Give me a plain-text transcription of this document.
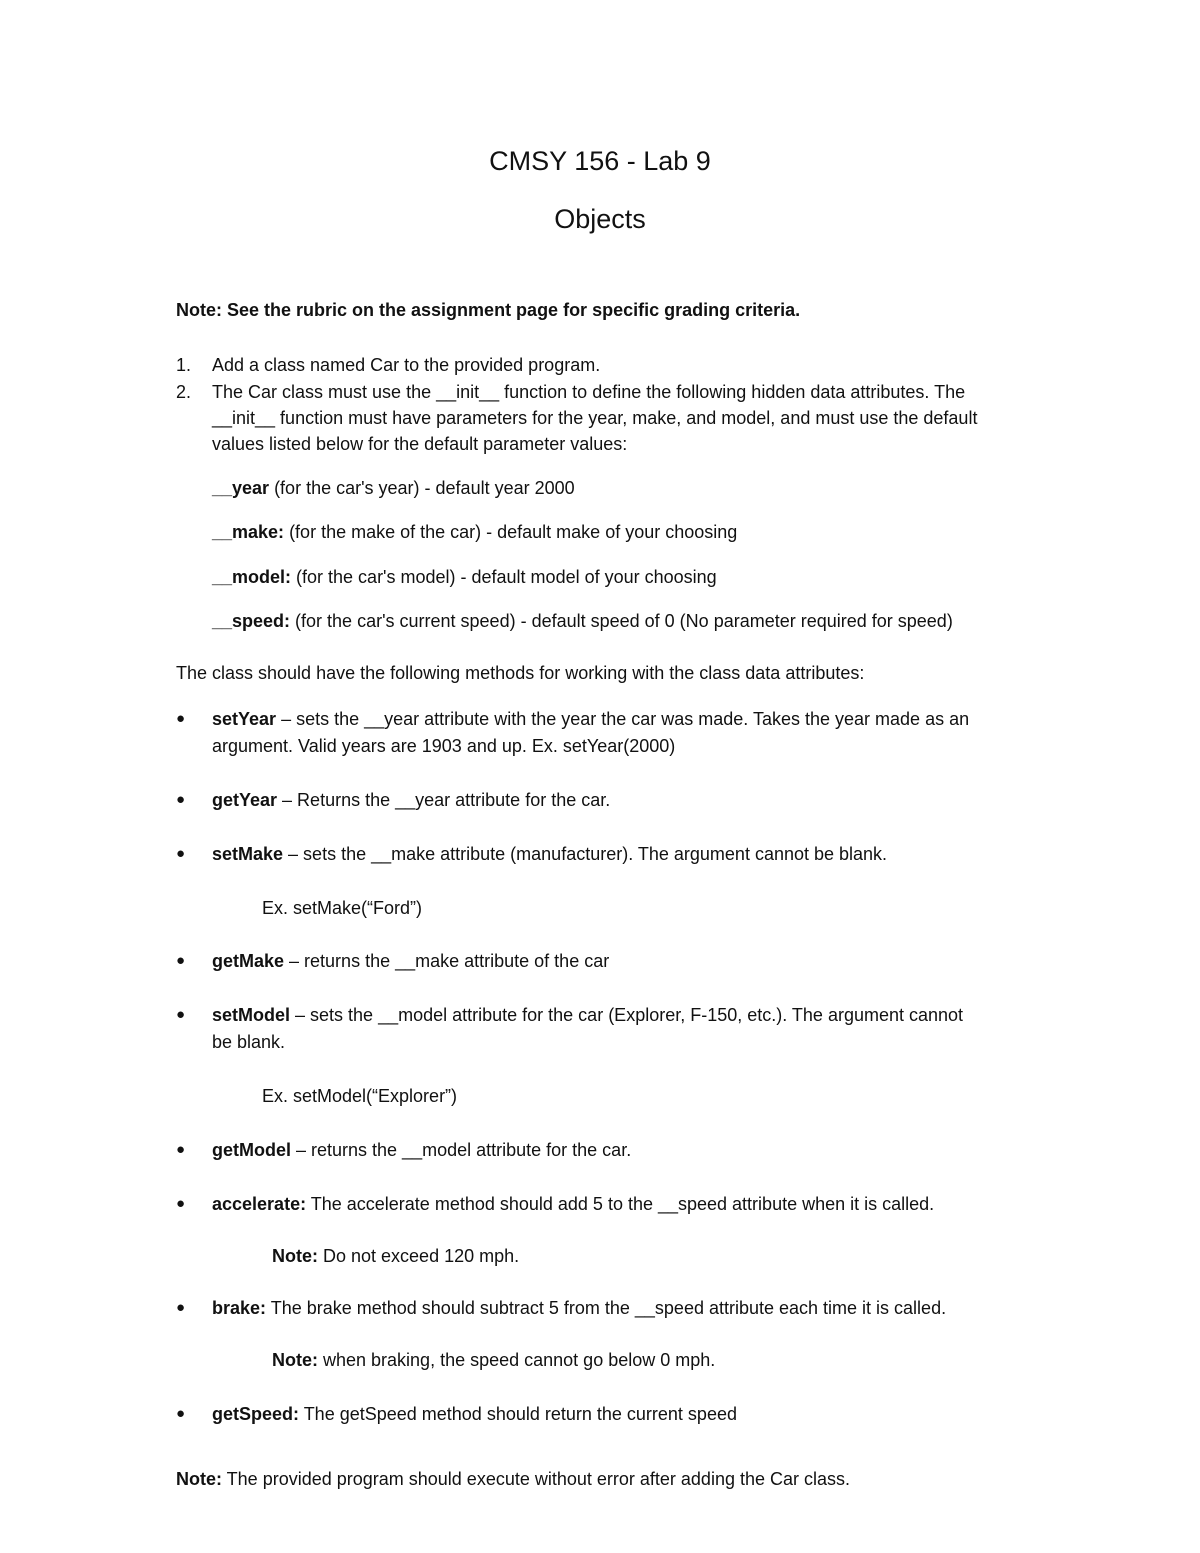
CMSY 156 - Lab 9
Objects

Note: See the rubric on the assignment page for specific grading criteria.

1. Add a class named Car to the provided program.

2. The Car class must use the __init__ function to define the following hidden data attributes. The

__init__ function must have parameters for the year, make, and model, and must use the default

values listed below for the default parameter values:

__year (for the car's year) - default year 2000

__make: (for the make of the car) - default make of your choosing

__model: (for the car's model) - default model of your choosing

__speed: (for the car's current speed) - default speed of 0 (No parameter required for speed)

The class should have the following methods for working with the class data attributes:

● setYear – sets the __year attribute with the year the car was made. Takes the year made as an

argument. Valid years are 1903 and up. Ex. setYear(2000)

● getYear – Returns the __year attribute for the car.

● setMake – sets the __make attribute (manufacturer). The argument cannot be blank.

Ex. setMake(“Ford”)

● getMake – returns the __make attribute of the car

● setModel – sets the __model attribute for the car (Explorer, F-150, etc.). The argument cannot

be blank.

Ex. setModel(“Explorer”)

● getModel – returns the __model attribute for the car.

● accelerate: The accelerate method should add 5 to the __speed attribute when it is called.

Note: Do not exceed 120 mph.

● brake: The brake method should subtract 5 from the __speed attribute each time it is called.

Note: when braking, the speed cannot go below 0 mph.

● getSpeed: The getSpeed method should return the current speed

Note: The provided program should execute without error after adding the Car class.
